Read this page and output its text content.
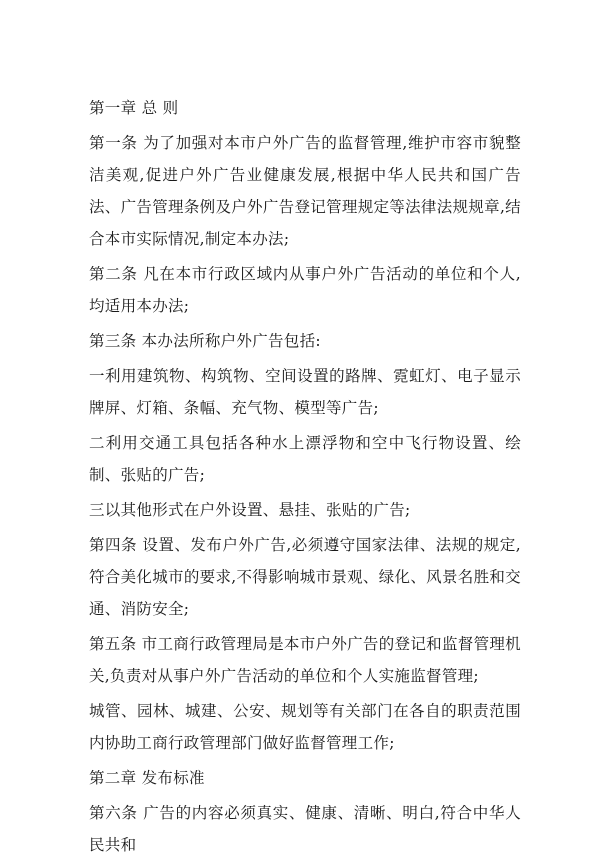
第一章 总 则

第一条 为了加强对本市户外广告的监督管理,维护市容市貌整洁美观,促进户外广告业健康发展,根据中华人民共和国广告法、广告管理条例及户外广告登记管理规定等法律法规规章,结合本市实际情况,制定本办法;

第二条 凡在本市行政区域内从事户外广告活动的单位和个人,均适用本办法;

第三条 本办法所称户外广告包括:

一利用建筑物、构筑物、空间设置的路牌、霓虹灯、电子显示牌屏、灯箱、条幅、充气物、模型等广告;

二利用交通工具包括各种水上漂浮物和空中飞行物设置、绘制、张贴的广告;

三以其他形式在户外设置、悬挂、张贴的广告;

第四条 设置、发布户外广告,必须遵守国家法律、法规的规定,符合美化城市的要求,不得影响城市景观、绿化、风景名胜和交通、消防安全;

第五条 市工商行政管理局是本市户外广告的登记和监督管理机关,负责对从事户外广告活动的单位和个人实施监督管理;

城管、园林、城建、公安、规划等有关部门在各自的职责范围内协助工商行政管理部门做好监督管理工作;

第二章 发布标准

第六条 广告的内容必须真实、健康、清晰、明白,符合中华人民共和
